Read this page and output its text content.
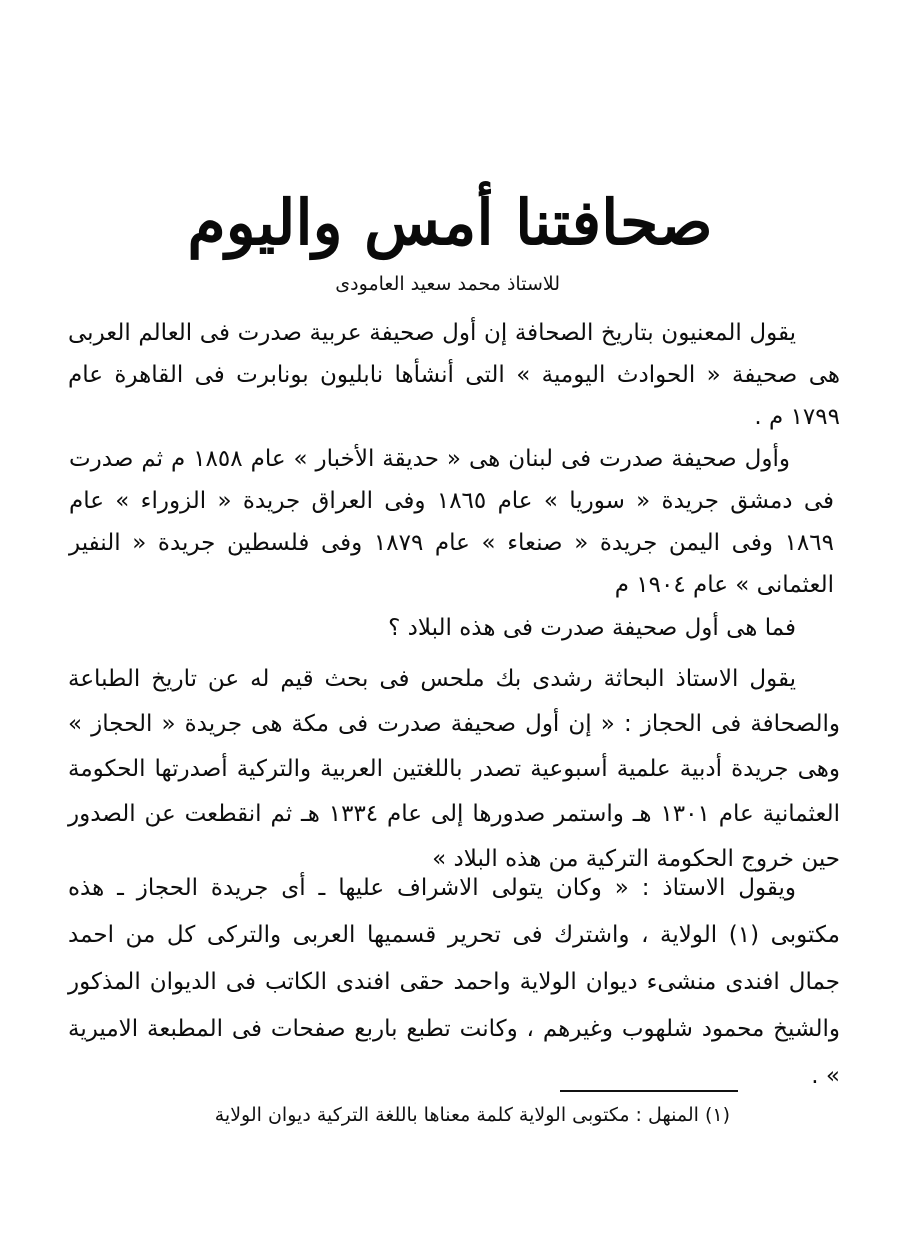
صحافتنا أمس واليوم
للاستاذ محمد سعيد العامودى

يقول المعنيون بتاريخ الصحافة إن أول صحيفة عربية صدرت فى العالم العربى هى صحيفة « الحوادث اليومية » التى أنشأها نابليون بونابرت فى القاهرة عام ١٧٩٩ م .

وأول صحيفة صدرت فى لبنان هى « حديقة الأخبار » عام ١٨٥٨ م ثم صدرت فى دمشق جريدة « سوريا » عام ١٨٦٥ وفى العراق جريدة « الزوراء » عام ١٨٦٩ وفى اليمن جريدة « صنعاء » عام ١٨٧٩ وفى فلسطين جريدة « النفير العثمانى » عام ١٩٠٤ م

فما هى أول صحيفة صدرت فى هذه البلاد ؟

يقول الاستاذ البحاثة رشدى بك ملحس فى بحث قيم له عن تاريخ الطباعة والصحافة فى الحجاز : « إن أول صحيفة صدرت فى مكة هى جريدة « الحجاز » وهى جريدة أدبية علمية أسبوعية تصدر باللغتين العربية والتركية أصدرتها الحكومة العثمانية عام ١٣٠١ هـ واستمر صدورها إلى عام ١٣٣٤ هـ ثم انقطعت عن الصدور حين خروج الحكومة التركية من هذه البلاد »

ويقول الاستاذ : « وكان يتولى الاشراف عليها ـ أى جريدة الحجاز ـ هذه مكتوبى (١) الولاية ، واشترك فى تحرير قسميها العربى والتركى كل من احمد جمال افندى منشىء ديوان الولاية واحمد حقى افندى الكاتب فى الديوان المذكور والشيخ محمود شلهوب وغيرهم ، وكانت تطبع باربع صفحات فى المطبعة الاميرية » .

(١) المنهل : مكتوبى الولاية كلمة معناها باللغة التركية ديوان الولاية
